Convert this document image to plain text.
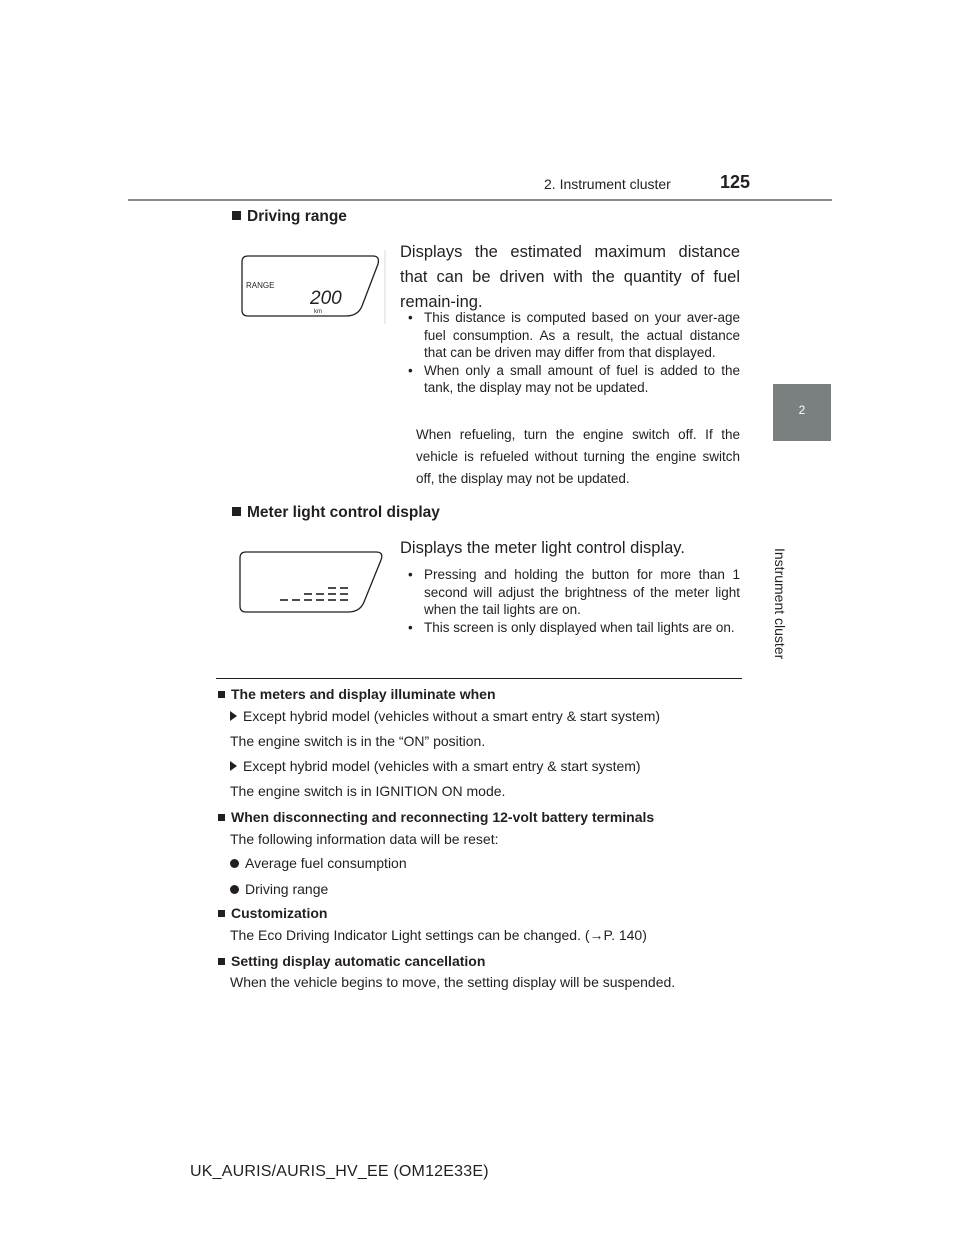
2. Instrument cluster	125
2
Instrument cluster
Driving range
RANGE
200
km
Displays the estimated maximum distance that can be driven with the quantity of fuel remain-ing.
• This distance is computed based on your aver-age fuel consumption. As a result, the actual distance that can be driven may differ from that displayed.
• When only a small amount of fuel is added to the tank, the display may not be updated.
When refueling, turn the engine switch off. If the vehicle is refueled without turning the engine switch off, the display may not be updated.
Meter light control display
Displays the meter light control display.
• Pressing and holding the button for more than 1 second will adjust the brightness of the meter light when the tail lights are on.
• This screen is only displayed when tail lights are on.
The meters and display illuminate when
Except hybrid model (vehicles without a smart entry & start system)
The engine switch is in the “ON” position.
Except hybrid model (vehicles with a smart entry & start system)
The engine switch is in IGNITION ON mode.
When disconnecting and reconnecting 12-volt battery terminals
The following information data will be reset:
Average fuel consumption
Driving range
Customization
The Eco Driving Indicator Light settings can be changed. (→P. 140)
Setting display automatic cancellation
When the vehicle begins to move, the setting display will be suspended.
UK_AURIS/AURIS_HV_EE (OM12E33E)
